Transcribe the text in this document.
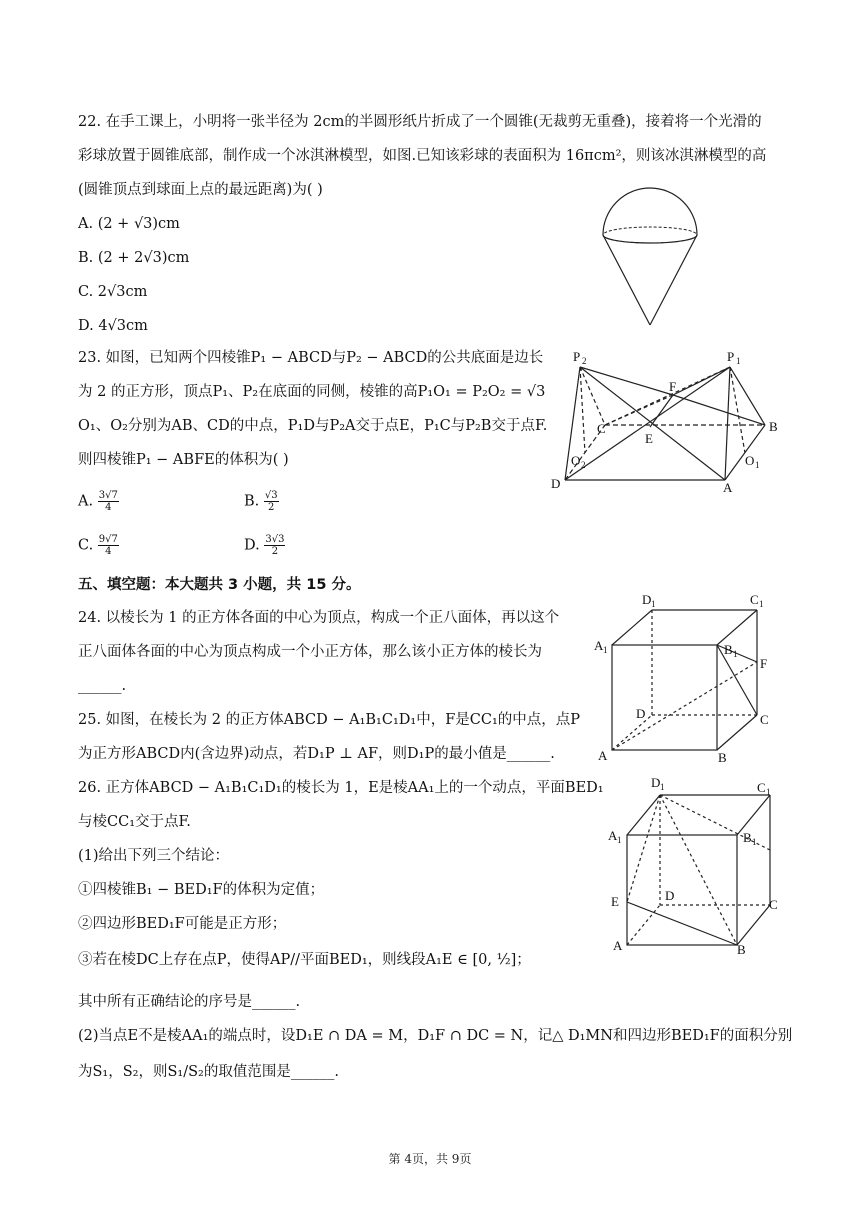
22. 在手工课上，小明将一张半径为 2cm的半圆形纸片折成了一个圆锥(无裁剪无重叠)，接着将一个光滑的
彩球放置于圆锥底部，制作成一个冰淇淋模型，如图.已知该彩球的表面积为 16πcm²，则该冰淇淋模型的高
(圆锥顶点到球面上点的最远距离)为( )
A. (2 + √3)cm
B. (2 + 2√3)cm
C. 2√3cm
D. 4√3cm
23. 如图，已知两个四棱锥P₁ − ABCD与P₂ − ABCD的公共底面是边长
为 2 的正方形，顶点P₁、P₂在底面的同侧，棱锥的高P₁O₁ = P₂O₂ = √3
O₁、O₂分别为AB、CD的中点，P₁D与P₂A交于点E，P₁C与P₂B交于点F.
则四棱锥P₁ − ABFE的体积为( )
A. $\frac{3√7}{4}$	B. $\frac{√3}{2}$
C. $\frac{9√7}{4}$	D. $\frac{3√3}{2}$
P 2	P 1
F
C
E
B
O 2	O 1
D	A
五、填空题：本大题共 3 小题，共 15 分。
24. 以棱长为 1 的正方体各面的中心为顶点，构成一个正八面体，再以这个
正八面体各面的中心为顶点构成一个小正方体，那么该小正方体的棱长为
______.
25. 如图，在棱长为 2 的正方体ABCD − A₁B₁C₁D₁中，F是CC₁的中点，点P
为正方形ABCD内(含边界)动点，若D₁P ⊥ AF，则D₁P的最小值是______.
D 1	C 1
A 1	B 1
F
D	C
A	B
26. 正方体ABCD − A₁B₁C₁D₁的棱长为 1，E是棱AA₁上的一个动点，平面BED₁
与棱CC₁交于点F.
(1)给出下列三个结论：
①四棱锥B₁ − BED₁F的体积为定值；
②四边形BED₁F可能是正方形；
③若在棱DC上存在点P，使得AP//平面BED₁，则线段A₁E ∈ [0, ½]；
其中所有正确结论的序号是______.
(2)当点E不是棱AA₁的端点时，设D₁E ∩ DA = M，D₁F ∩ DC = N，记△ D₁MN和四边形BED₁F的面积分别
为S₁，S₂，则S₁/S₂的取值范围是______.
D 1	C 1
A 1	B 1
E	D
C
A	B
第 4页，共 9页
